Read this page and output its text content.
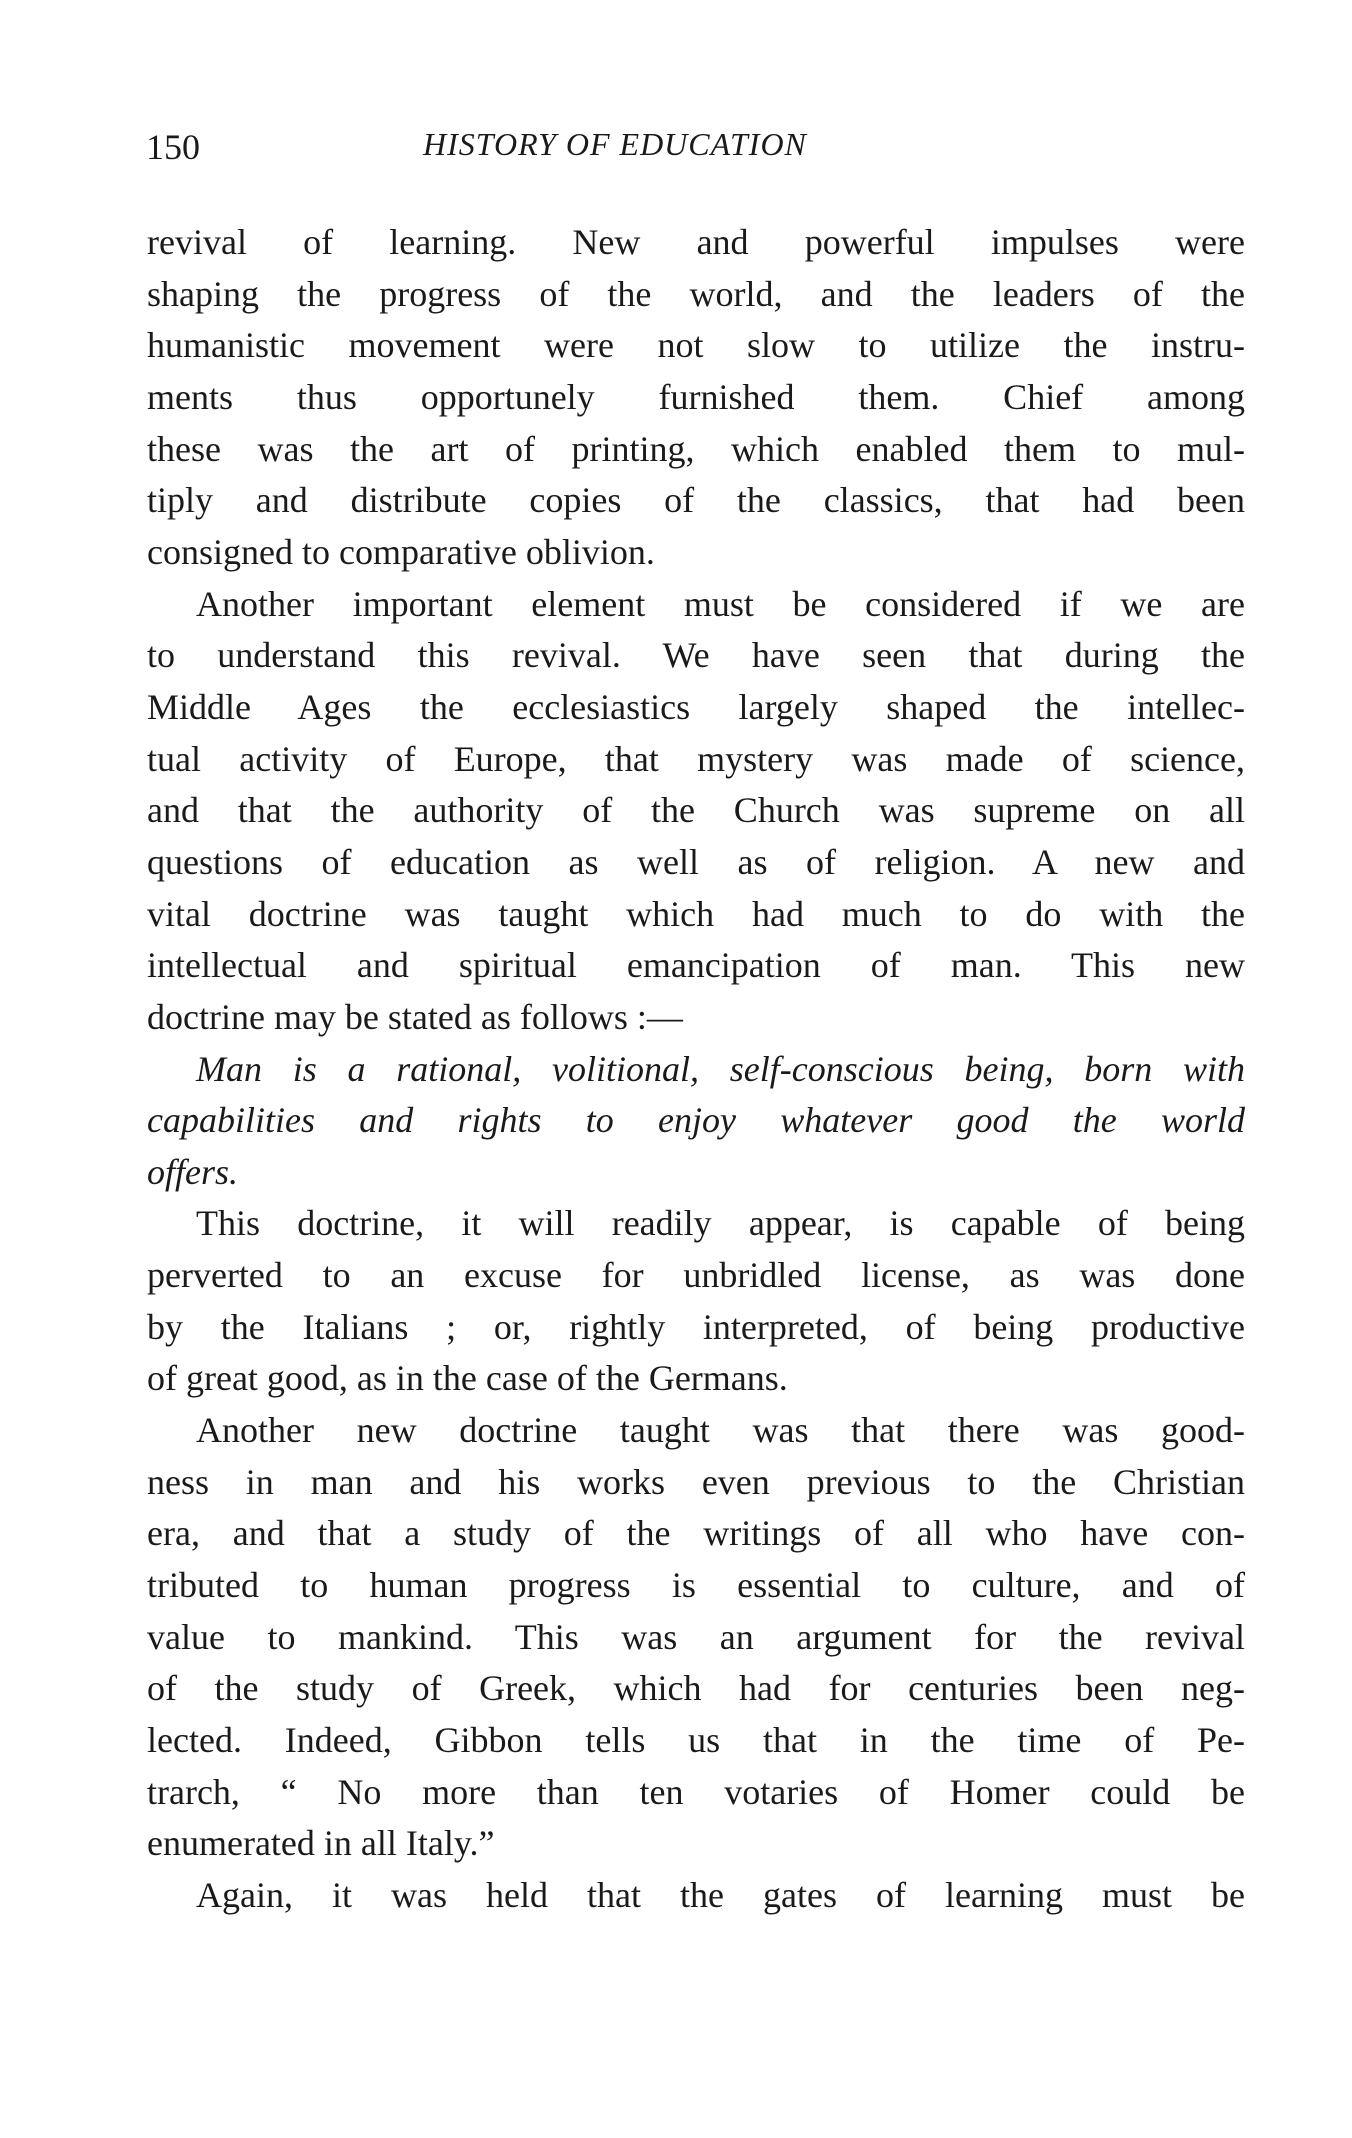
150	HISTORY OF EDUCATION
revival of learning. New and powerful impulses were
shaping the progress of the world, and the leaders of the
humanistic movement were not slow to utilize the instru-
ments thus opportunely furnished them. Chief among
these was the art of printing, which enabled them to mul-
tiply and distribute copies of the classics, that had been
consigned to comparative oblivion.
Another important element must be considered if we are
to understand this revival. We have seen that during the
Middle Ages the ecclesiastics largely shaped the intellec-
tual activity of Europe, that mystery was made of science,
and that the authority of the Church was supreme on all
questions of education as well as of religion. A new and
vital doctrine was taught which had much to do with the
intellectual and spiritual emancipation of man. This new
doctrine may be stated as follows :—
Man is a rational, volitional, self-conscious being, born with
capabilities and rights to enjoy whatever good the world
offers.
This doctrine, it will readily appear, is capable of being
perverted to an excuse for unbridled license, as was done
by the Italians ; or, rightly interpreted, of being productive
of great good, as in the case of the Germans.
Another new doctrine taught was that there was good-
ness in man and his works even previous to the Christian
era, and that a study of the writings of all who have con-
tributed to human progress is essential to culture, and of
value to mankind. This was an argument for the revival
of the study of Greek, which had for centuries been neg-
lected. Indeed, Gibbon tells us that in the time of Pe-
trarch, “ No more than ten votaries of Homer could be
enumerated in all Italy.”
Again, it was held that the gates of learning must be
